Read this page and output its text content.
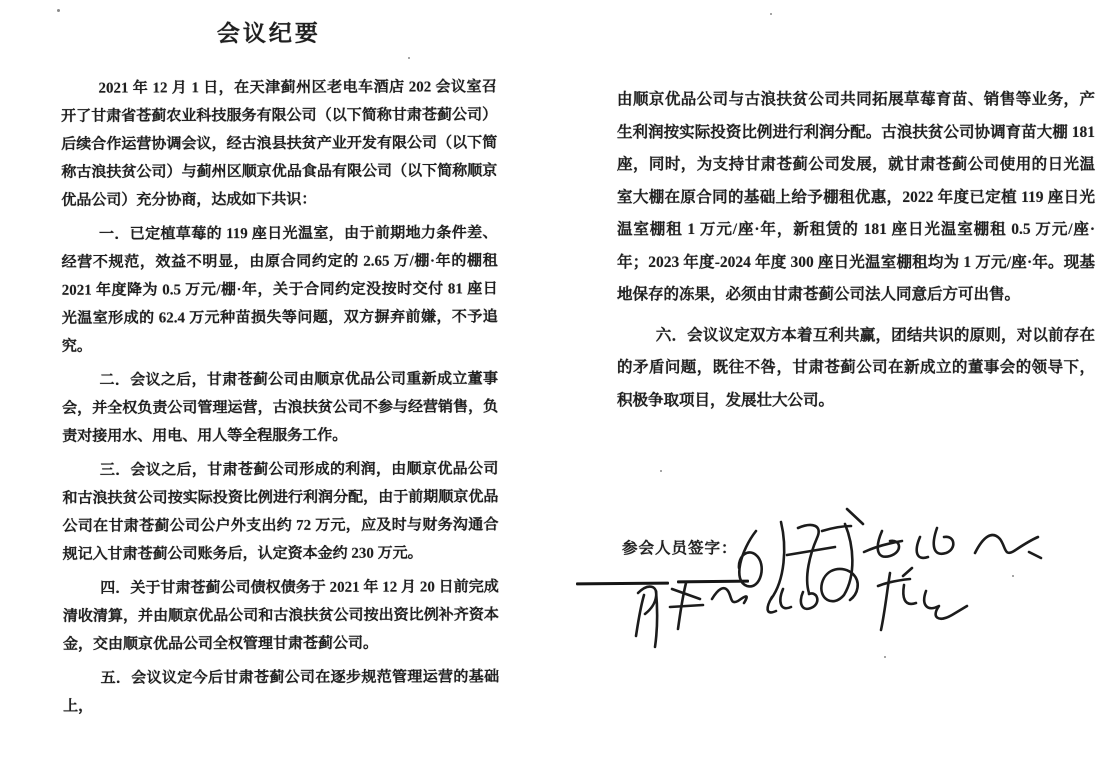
会议纪要

2021 年 12 月 1 日，在天津蓟州区老电车酒店 202 会议室召开了甘肃省苍蓟农业科技服务有限公司（以下简称甘肃苍蓟公司）后续合作运营协调会议，经古浪县扶贫产业开发有限公司（以下简称古浪扶贫公司）与蓟州区顺京优品食品有限公司（以下简称顺京优品公司）充分协商，达成如下共识：

一．已定植草莓的 119 座日光温室，由于前期地力条件差、经营不规范，效益不明显，由原合同约定的 2.65 万/棚·年的棚租 2021 年度降为 0.5 万元/棚·年，关于合同约定没按时交付 81 座日光温室形成的 62.4 万元种苗损失等问题，双方摒弃前嫌，不予追究。

二．会议之后，甘肃苍蓟公司由顺京优品公司重新成立董事会，并全权负责公司管理运营，古浪扶贫公司不参与经营销售，负责对接用水、用电、用人等全程服务工作。

三．会议之后，甘肃苍蓟公司形成的利润，由顺京优品公司和古浪扶贫公司按实际投资比例进行利润分配，由于前期顺京优品公司在甘肃苍蓟公司公户外支出约 72 万元，应及时与财务沟通合规记入甘肃苍蓟公司账务后，认定资本金约 230 万元。

四．关于甘肃苍蓟公司债权债务于 2021 年 12 月 20 日前完成清收清算，并由顺京优品公司和古浪扶贫公司按出资比例补齐资本金，交由顺京优品公司全权管理甘肃苍蓟公司。

五．会议议定今后甘肃苍蓟公司在逐步规范管理运营的基础上，

由顺京优品公司与古浪扶贫公司共同拓展草莓育苗、销售等业务，产生利润按实际投资比例进行利润分配。古浪扶贫公司协调育苗大棚 181 座，同时，为支持甘肃苍蓟公司发展，就甘肃苍蓟公司使用的日光温室大棚在原合同的基础上给予棚租优惠，2022 年度已定植 119 座日光温室棚租 1 万元/座·年，新租赁的 181 座日光温室棚租 0.5 万元/座·年；2023 年度-2024 年度 300 座日光温室棚租均为 1 万元/座·年。现基地保存的冻果，必须由甘肃苍蓟公司法人同意后方可出售。

六．会议议定双方本着互利共赢，团结共识的原则，对以前存在的矛盾问题，既往不咎，甘肃苍蓟公司在新成立的董事会的领导下，积极争取项目，发展壮大公司。

参会人员签字：
